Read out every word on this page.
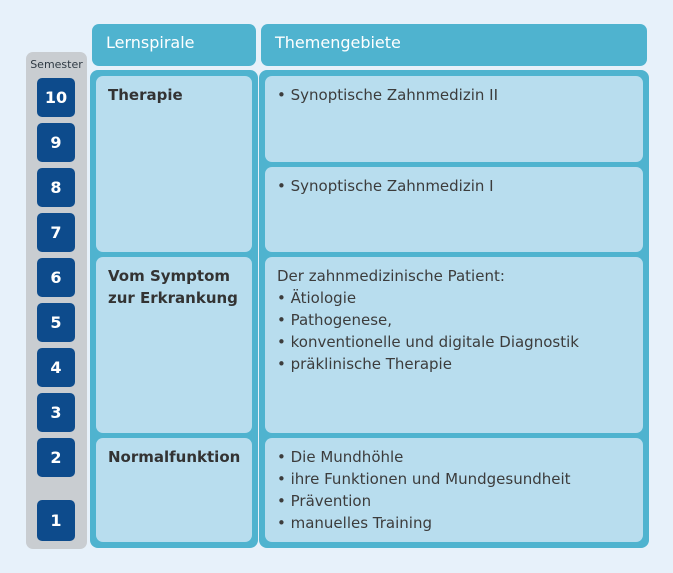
Lernspirale	Themengebiete
Semester
10
9
8
7
6
5
4
3
2
1
Therapie
Vom Symptom
zur Erkrankung
Normalfunktion
• Synoptische Zahnmedizin II
• Synoptische Zahnmedizin I
Der zahnmedizinische Patient:
• Ätiologie
• Pathogenese,
• konventionelle und digitale Diagnostik
• präklinische Therapie
• Die Mundhöhle
• ihre Funktionen und Mundgesundheit
• Prävention
• manuelles Training
